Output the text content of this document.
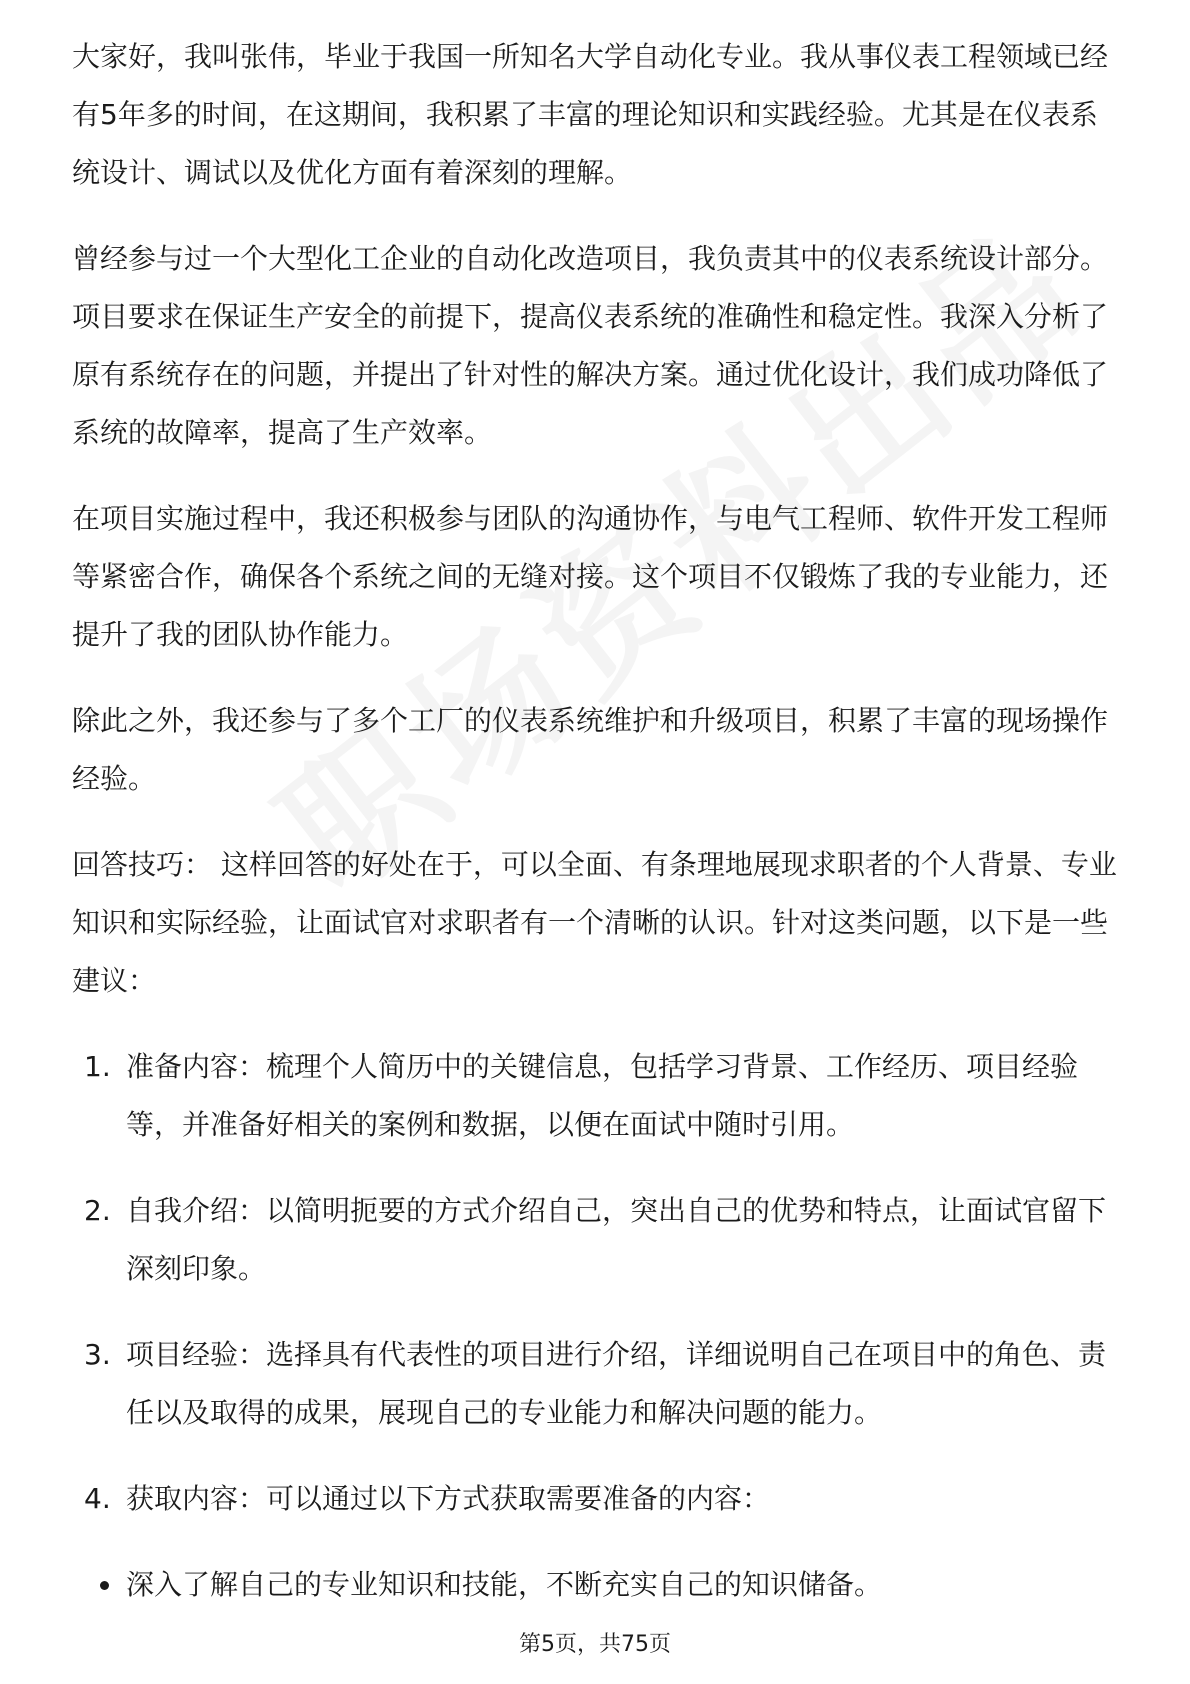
大家好，我叫张伟，毕业于我国一所知名大学自动化专业。我从事仪表工程领域已经有5年多的时间，在这期间，我积累了丰富的理论知识和实践经验。尤其是在仪表系统设计、调试以及优化方面有着深刻的理解。

曾经参与过一个大型化工企业的自动化改造项目，我负责其中的仪表系统设计部分。项目要求在保证生产安全的前提下，提高仪表系统的准确性和稳定性。我深入分析了原有系统存在的问题，并提出了针对性的解决方案。通过优化设计，我们成功降低了系统的故障率，提高了生产效率。

在项目实施过程中，我还积极参与团队的沟通协作，与电气工程师、软件开发工程师等紧密合作，确保各个系统之间的无缝对接。这个项目不仅锻炼了我的专业能力，还提升了我的团队协作能力。

除此之外，我还参与了多个工厂的仪表系统维护和升级项目，积累了丰富的现场操作经验。

回答技巧： 这样回答的好处在于，可以全面、有条理地展现求职者的个人背景、专业知识和实际经验，让面试官对求职者有一个清晰的认识。针对这类问题，以下是一些建议：

1. 准备内容：梳理个人简历中的关键信息，包括学习背景、工作经历、项目经验等，并准备好相关的案例和数据，以便在面试中随时引用。

2. 自我介绍：以简明扼要的方式介绍自己，突出自己的优势和特点，让面试官留下深刻印象。

3. 项目经验：选择具有代表性的项目进行介绍，详细说明自己在项目中的角色、责任以及取得的成果，展现自己的专业能力和解决问题的能力。

4. 获取内容：可以通过以下方式获取需要准备的内容：

深入了解自己的专业知识和技能，不断充实自己的知识储备。

第5页，共75页
